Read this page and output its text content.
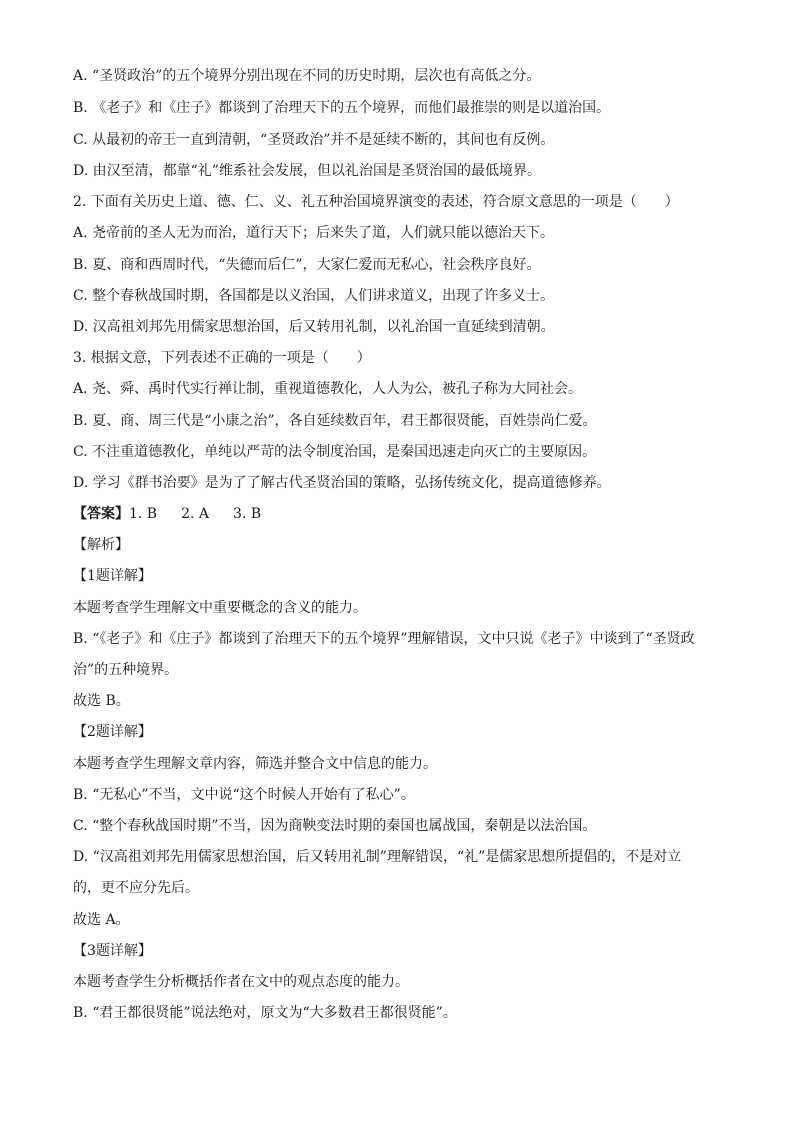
A. “圣贤政治”的五个境界分别出现在不同的历史时期，层次也有高低之分。
B. 《老子》和《庄子》都谈到了治理天下的五个境界，而他们最推崇的则是以道治国。
C. 从最初的帝王一直到清朝，“圣贤政治”并不是延续不断的，其间也有反例。
D. 由汉至清，都靠“礼”维系社会发展，但以礼治国是圣贤治国的最低境界。
2. 下面有关历史上道、德、仁、义、礼五种治国境界演变的表述，符合原文意思的一项是（　　）
A. 尧帝前的圣人无为而治，道行天下；后来失了道，人们就只能以德治天下。
B. 夏、商和西周时代，“失德而后仁”，大家仁爱而无私心，社会秩序良好。
C. 整个春秋战国时期，各国都是以义治国，人们讲求道义，出现了许多义士。
D. 汉高祖刘邦先用儒家思想治国，后又转用礼制，以礼治国一直延续到清朝。
3. 根据文意，下列表述不正确的一项是（　　）
A. 尧、舜、禹时代实行禅让制，重视道德教化，人人为公，被孔子称为大同社会。
B. 夏、商、周三代是“小康之治”，各自延续数百年，君王都很贤能，百姓崇尚仁爱。
C. 不注重道德教化，单纯以严苛的法令制度治国，是秦国迅速走向灭亡的主要原因。
D. 学习《群书治要》是为了了解古代圣贤治国的策略，弘扬传统文化，提高道德修养。
【答案】1. B 2. A 3. B
【解析】
【1题详解】
本题考查学生理解文中重要概念的含义的能力。
B. “《老子》和《庄子》都谈到了治理天下的五个境界”理解错误，文中只说《老子》中谈到了“圣贤政
治”的五种境界。
故选 B。
【2题详解】
本题考查学生理解文章内容，筛选并整合文中信息的能力。
B. “无私心”不当，文中说“这个时候人开始有了私心”。
C. “整个春秋战国时期”不当，因为商鞅变法时期的秦国也属战国，秦朝是以法治国。
D. “汉高祖刘邦先用儒家思想治国，后又转用礼制”理解错误，“礼”是儒家思想所提倡的，不是对立
的，更不应分先后。
故选 A。
【3题详解】
本题考查学生分析概括作者在文中的观点态度的能力。
B. “君王都很贤能”说法绝对，原文为“大多数君王都很贤能”。
